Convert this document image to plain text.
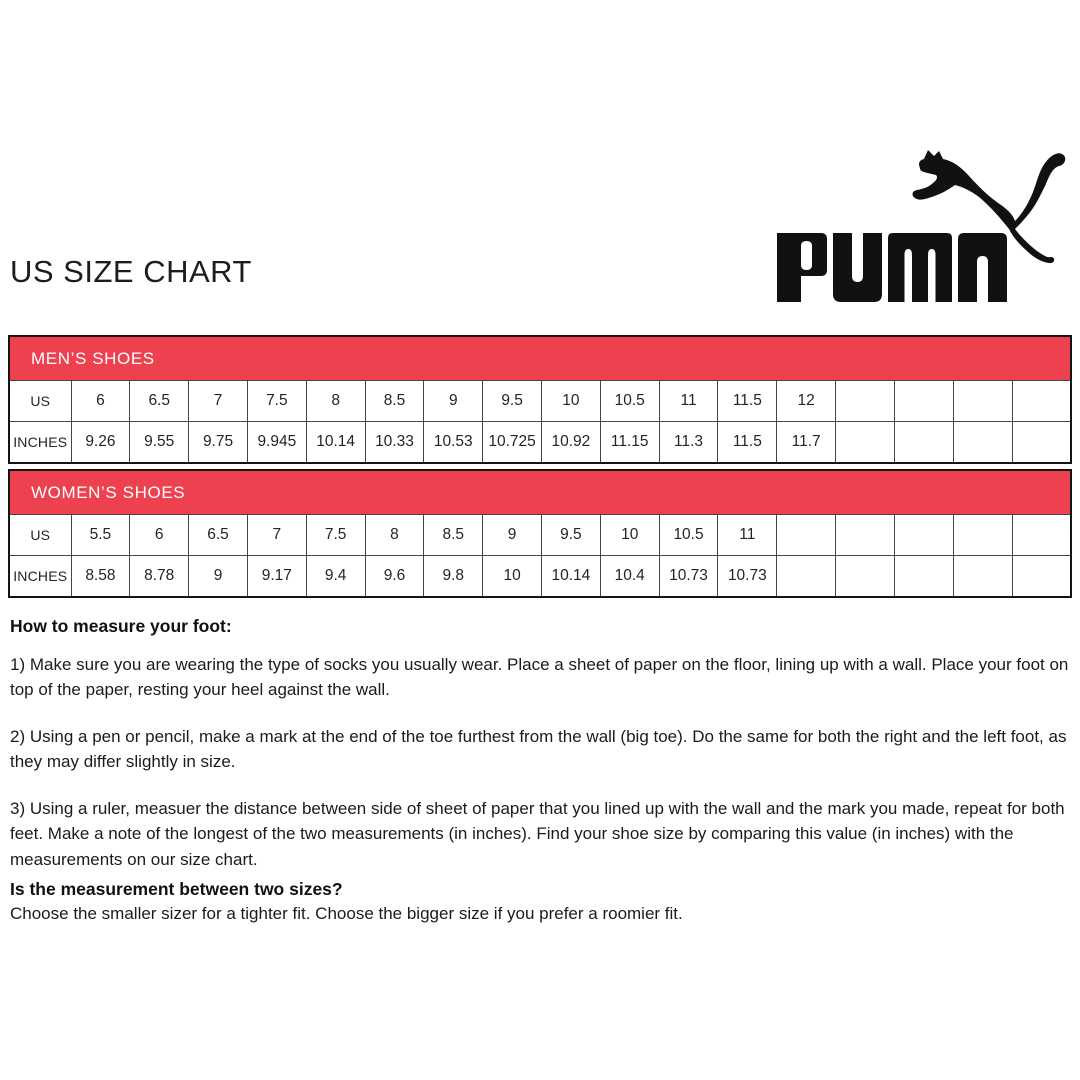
US SIZE CHART
MEN’S SHOES																	
US	6	6.5	7	7.5	8	8.5	9	9.5	10	10.5	11	11.5	12				
INCHES	9.26	9.55	9.75	9.945	10.14	10.33	10.53	10.725	10.92	11.15	11.3	11.5	11.7				
WOMEN’S SHOES																	
US	5.5	6	6.5	7	7.5	8	8.5	9	9.5	10	10.5	11					
INCHES	8.58	8.78	9	9.17	9.4	9.6	9.8	10	10.14	10.4	10.73	10.73					
How to measure your foot:

1) Make sure you are wearing the type of socks you usually wear. Place a sheet of paper on the floor, lining up with a wall. Place your foot on top of the paper, resting your heel against the wall.

2) Using a pen or pencil, make a mark at the end of the toe furthest from the wall (big toe). Do the same for both the right and the left foot, as they may differ slightly in size.

3) Using a ruler, measuer the distance between side of sheet of paper that you lined up with the wall and the mark you made, repeat for both feet. Make a note of the longest of the two measurements (in inches). Find your shoe size by comparing this value (in inches) with the measurements on our size chart.

Is the measurement between two sizes?

Choose the smaller sizer for a tighter fit. Choose the bigger size if you prefer a roomier fit.
